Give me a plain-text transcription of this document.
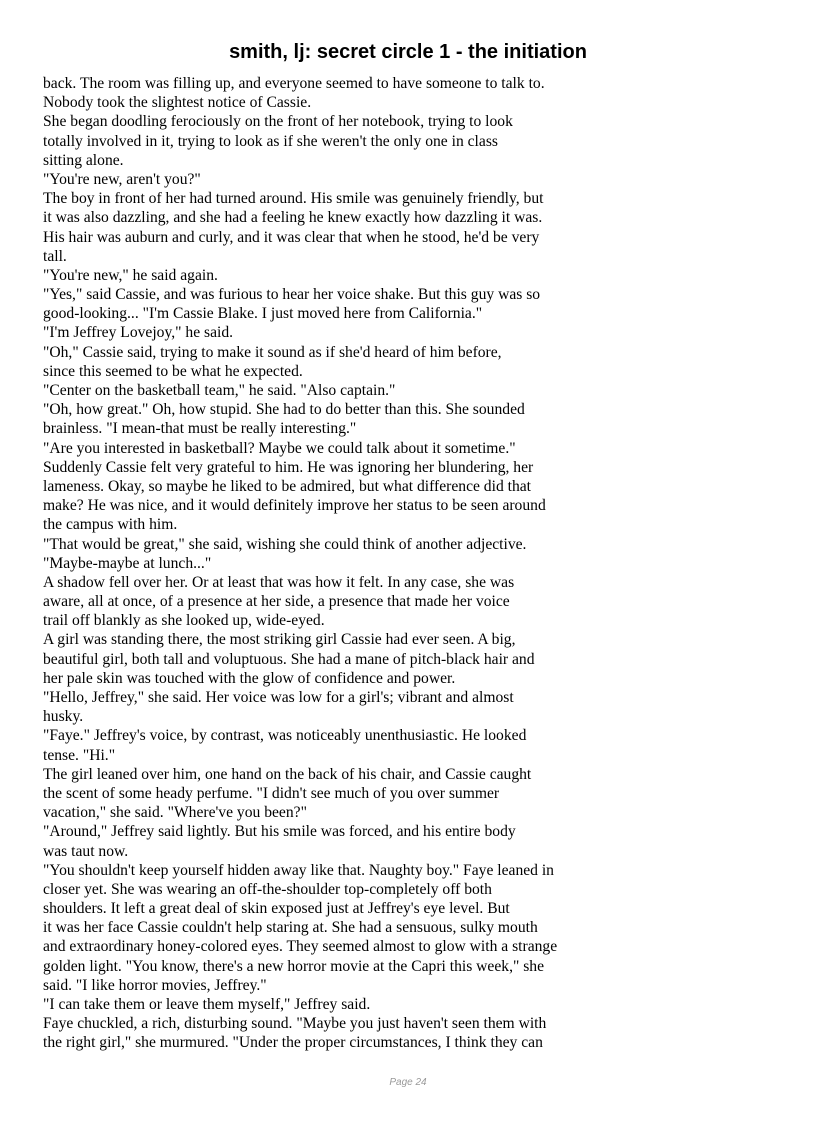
smith, lj: secret circle 1 - the initiation
back. The room was filling up, and everyone seemed to have someone to talk to.
Nobody took the slightest notice of Cassie.
She began doodling ferociously on the front of her notebook, trying to look
totally involved in it, trying to look as if she weren't the only one in class
sitting alone.
"You're new, aren't you?"
The boy in front of her had turned around. His smile was genuinely friendly, but
it was also dazzling, and she had a feeling he knew exactly how dazzling it was.
His hair was auburn and curly, and it was clear that when he stood, he'd be very
tall.
"You're new," he said again.
"Yes," said Cassie, and was furious to hear her voice shake. But this guy was so
good-looking... "I'm Cassie Blake. I just moved here from California."
"I'm Jeffrey Lovejoy," he said.
"Oh," Cassie said, trying to make it sound as if she'd heard of him before,
since this seemed to be what he expected.
"Center on the basketball team," he said. "Also captain."
"Oh, how great." Oh, how stupid. She had to do better than this. She sounded
brainless. "I mean-that must be really interesting."
"Are you interested in basketball? Maybe we could talk about it sometime."
Suddenly Cassie felt very grateful to him. He was ignoring her blundering, her
lameness. Okay, so maybe he liked to be admired, but what difference did that
make? He was nice, and it would definitely improve her status to be seen around
the campus with him.
"That would be great," she said, wishing she could think of another adjective.
"Maybe-maybe at lunch..."
A shadow fell over her. Or at least that was how it felt. In any case, she was
aware, all at once, of a presence at her side, a presence that made her voice
trail off blankly as she looked up, wide-eyed.
A girl was standing there, the most striking girl Cassie had ever seen. A big,
beautiful girl, both tall and voluptuous. She had a mane of pitch-black hair and
her pale skin was touched with the glow of confidence and power.
"Hello, Jeffrey," she said. Her voice was low for a girl's; vibrant and almost
husky.
"Faye." Jeffrey's voice, by contrast, was noticeably unenthusiastic. He looked
tense. "Hi."
The girl leaned over him, one hand on the back of his chair, and Cassie caught
the scent of some heady perfume. "I didn't see much of you over summer
vacation," she said. "Where've you been?"
"Around," Jeffrey said lightly. But his smile was forced, and his entire body
was taut now.
"You shouldn't keep yourself hidden away like that. Naughty boy." Faye leaned in
closer yet. She was wearing an off-the-shoulder top-completely off both
shoulders. It left a great deal of skin exposed just at Jeffrey's eye level. But
it was her face Cassie couldn't help staring at. She had a sensuous, sulky mouth
and extraordinary honey-colored eyes. They seemed almost to glow with a strange
golden light. "You know, there's a new horror movie at the Capri this week," she
said. "I like horror movies, Jeffrey."
"I can take them or leave them myself," Jeffrey said.
Faye chuckled, a rich, disturbing sound. "Maybe you just haven't seen them with
the right girl," she murmured. "Under the proper circumstances, I think they can
Page 24
